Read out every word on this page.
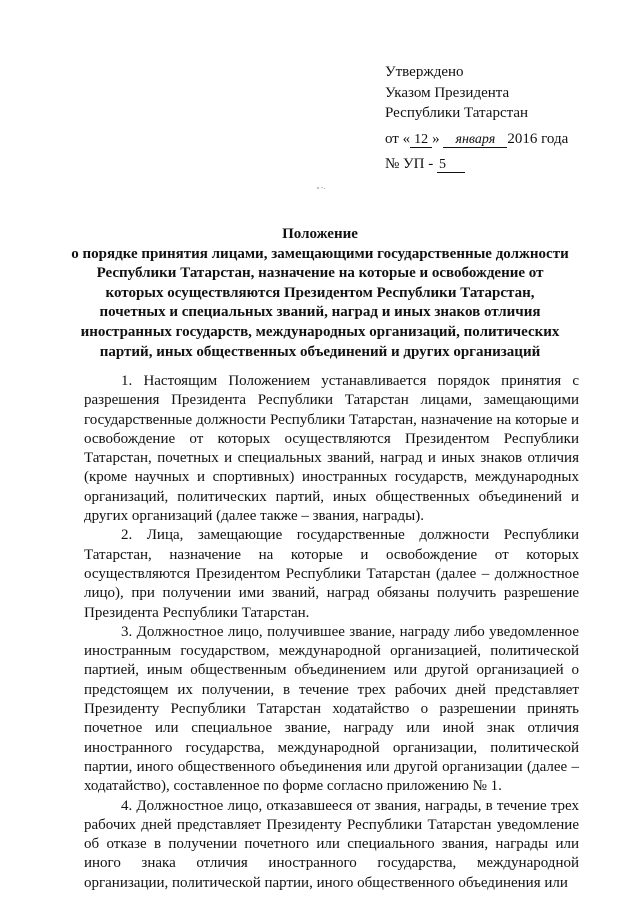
Утверждено
Указом Президента
Республики Татарстан
от « 12 » января 2016 года
№ УП - 5
Положение
о порядке принятия лицами, замещающими государственные должности
Республики Татарстан, назначение на которые и освобождение от
которых осуществляются Президентом Республики Татарстан,
почетных и специальных званий, наград и иных знаков отличия
иностранных государств, международных организаций, политических
партий, иных общественных объединений и других организаций

1. Настоящим Положением устанавливается порядок принятия с разрешения Президента Республики Татарстан лицами, замещающими государственные должности Республики Татарстан, назначение на которые и освобождение от которых осуществляются Президентом Республики Татарстан, почетных и специальных званий, наград и иных знаков отличия (кроме научных и спортивных) иностранных государств, международных организаций, политических партий, иных общественных объединений и других организаций (далее также – звания, награды).

2. Лица, замещающие государственные должности Республики Татарстан, назначение на которые и освобождение от которых осуществляются Президентом Республики Татарстан (далее – должностное лицо), при получении ими званий, наград обязаны получить разрешение Президента Республики Татарстан.

3. Должностное лицо, получившее звание, награду либо уведомленное иностранным государством, международной организацией, политической партией, иным общественным объединением или другой организацией о предстоящем их получении, в течение трех рабочих дней представляет Президенту Республики Татарстан ходатайство о разрешении принять почетное или специальное звание, награду или иной знак отличия иностранного государства, международной организации, политической партии, иного общественного объединения или другой организации (далее – ходатайство), составленное по форме согласно приложению № 1.

4. Должностное лицо, отказавшееся от звания, награды, в течение трех рабочих дней представляет Президенту Республики Татарстан уведомление об отказе в получении почетного или специального звания, награды или иного знака отличия иностранного государства, международной организации, политической партии, иного общественного объединения или
